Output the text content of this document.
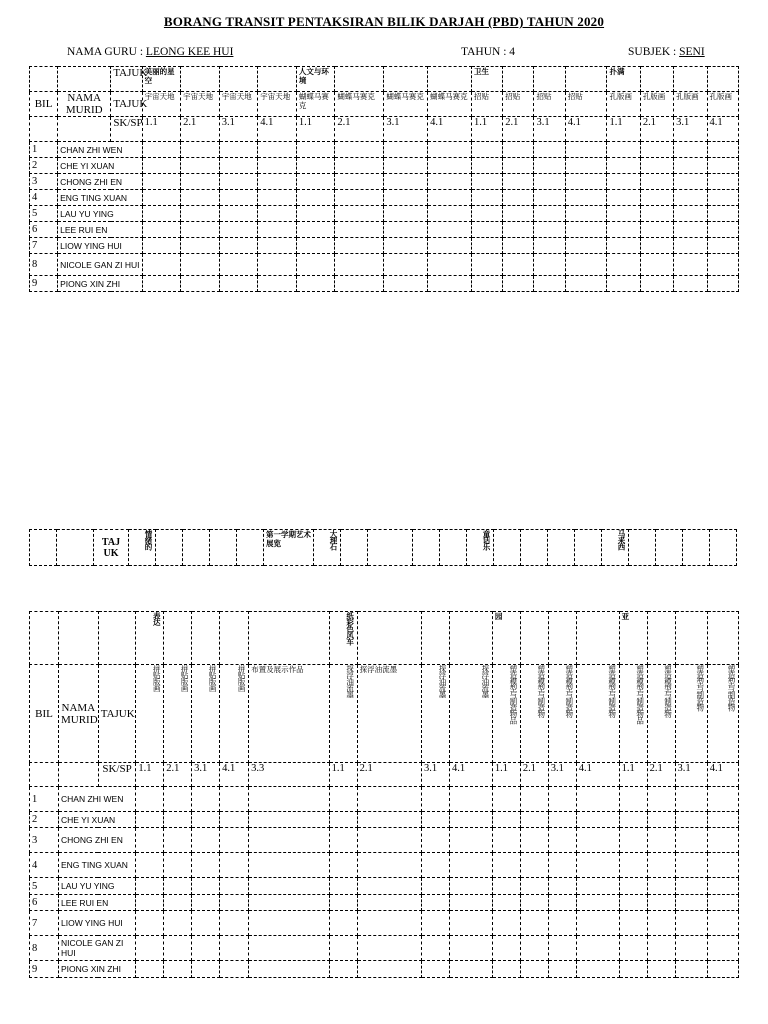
BORANG TRANSIT PENTAKSIRAN BILIK DARJAH (PBD) TAHUN 2020
NAMA GURU : LEONG KEE HUI	TAHUN : 4	SUBJEK : SENI
		TAJUK	美丽的星空				人文与环境				卫生				扑满			
BIL	NAMA MURID	TAJUK	宇宙天地	宇宙天地	宇宙天地	宇宙天地	蝴蝶马赛克	蝴蝶马赛克	蝴蝶马赛克	蝴蝶马赛克	招贴	招贴	招贴	招贴	孔版画	孔版画	孔版画	孔版画
		SK/SP	1.1	2.1	3.1	4.1	1.1	2.1	3.1	4.1	1.1	2.1	3.1	4.1	1.1	2.1	3.1	4.1
1	CHAN ZHI WEN																	
2	CHE YI XUAN																	
3	CHONG ZHI EN																	
4	ENG TING XUAN																	
5	LAU YU YING																	
6	LEE RUI EN																	
7	LIOW YING HUI																	
8	NICOLE GAN ZI HUI																	
9	PIONG XIN ZHI																	
		TAJ UK	情绪的					第一学期艺术展览	大理石					童话乐					马来西				
			表达					纸彩色风车				园				亚			
BIL	NAMA MURID	TAJUK	拼贴版画	拼贴版画	拼贴版画	拼贴版画	布置及展示作品	探浮油流墨	探浮油流墨	探浮油流墨	探浮油流墨	塑造模型与制造物品	塑造模型与制造物	塑造模型与制造物	塑造模型与制造物	塑造模型与制造物品	塑造模型与制造物	塑造型与制造物	塑造型与制造物
		SK/SP	1.1	2.1	3.1	4.1	3.3	1.1	2.1	3.1	4.1	1.1	2.1	3.1	4.1	1.1	2.1	3.1	4.1
1	CHAN ZHI WEN																		
2	CHE YI XUAN																		
3	CHONG ZHI EN																		
4	ENG TING XUAN																		
5	LAU YU YING																		
6	LEE RUI EN																		
7	LIOW YING HUI																		
8	NICOLE GAN ZI HUI																		
9	PIONG XIN ZHI																		
